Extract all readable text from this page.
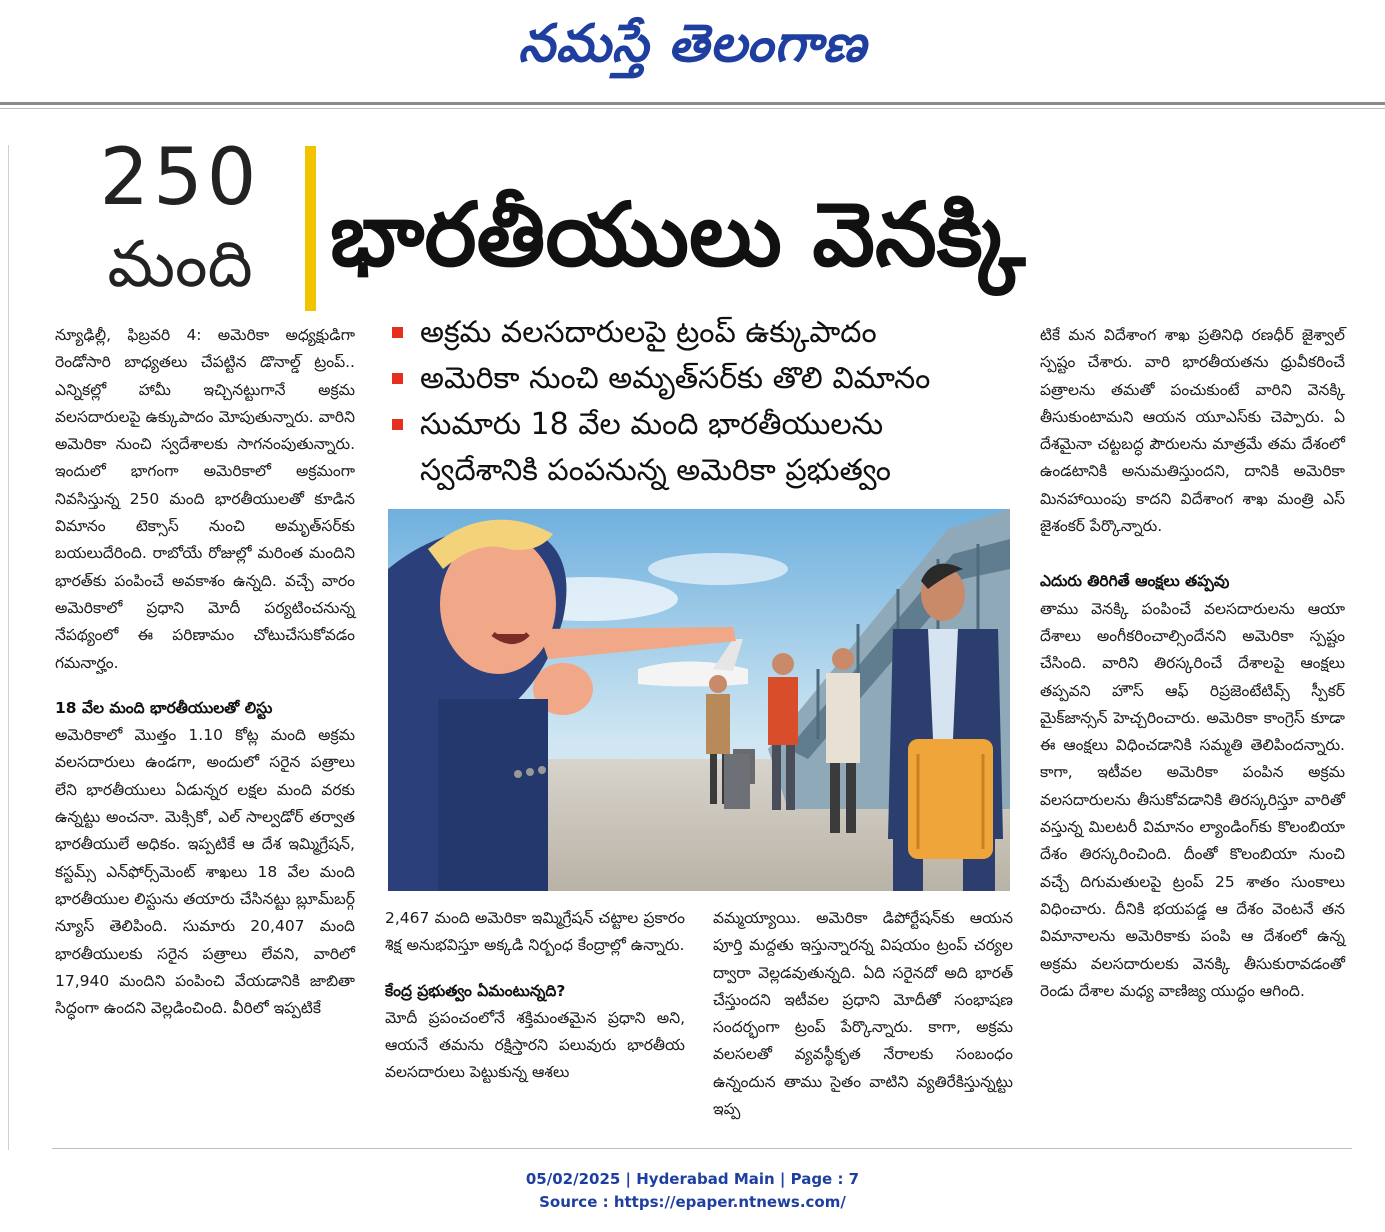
నమస్తే తెలంగాణ
250
మంది భారతీయులు వెనక్కి
అక్రమ వలసదారులపై ట్రంప్ ఉక్కుపాదం
అమెరికా నుంచి అమృత్‌సర్‌కు తొలి విమానం
సుమారు 18 వేల మంది భారతీయులను
స్వదేశానికి పంపనున్న అమెరికా ప్రభుత్వం

న్యూఢిల్లీ, ఫిబ్రవరి 4: అమెరికా అధ్యక్షుడిగా రెండోసారి బాధ్యతలు చేపట్టిన డొనాల్డ్ ట్రంప్.. ఎన్నికల్లో హామీ ఇచ్చినట్టుగానే అక్రమ వలసదారులపై ఉక్కుపాదం మోపుతున్నారు. వారిని అమెరికా నుంచి స్వదేశాలకు సాగనంపుతున్నారు. ఇందులో భాగంగా అమెరికాలో అక్రమంగా నివసిస్తున్న 250 మంది భారతీయులతో కూడిన విమానం టెక్సాస్ నుంచి అమృత్‌సర్‌కు బయలుదేరింది. రాబోయే రోజుల్లో మరింత మందిని భారత్‌కు పంపించే అవకాశం ఉన్నది. వచ్చే వారం అమెరికాలో ప్రధాని మోదీ పర్యటించనున్న నేపథ్యంలో ఈ పరిణామం చోటుచేసుకోవడం గమనార్హం.

18 వేల మంది భారతీయులతో లిస్టు

అమెరికాలో మొత్తం 1.10 కోట్ల మంది అక్రమ వలసదారులు ఉండగా, అందులో సరైన పత్రాలు లేని భారతీయులు ఏడున్నర లక్షల మంది వరకు ఉన్నట్టు అంచనా. మెక్సికో, ఎల్ సాల్వడోర్ తర్వాత భారతీయులే అధికం. ఇప్పటికే ఆ దేశ ఇమ్మిగ్రేషన్, కస్టమ్స్ ఎన్‌ఫోర్స్‌మెంట్ శాఖలు 18 వేల మంది భారతీయుల లిస్టును తయారు చేసినట్టు బ్లూమ్‌బర్గ్ న్యూస్ తెలిపింది. సుమారు 20,407 మంది భారతీయులకు సరైన పత్రాలు లేవని, వారిలో 17,940 మందిని పంపించి వేయడానికి జాబితా సిద్ధంగా ఉందని వెల్లడించింది. వీరిలో ఇప్పటికే

2,467 మంది అమెరికా ఇమ్మిగ్రేషన్ చట్టాల ప్రకారం శిక్ష అనుభవిస్తూ అక్కడి నిర్బంధ కేంద్రాల్లో ఉన్నారు.

కేంద్ర ప్రభుత్వం ఏమంటున్నది?

మోదీ ప్రపంచంలోనే శక్తిమంతమైన ప్రధాని అని, ఆయనే తమను రక్షిస్తారని పలువురు భారతీయ వలసదారులు పెట్టుకున్న ఆశలు

వమ్మయ్యాయి. అమెరికా డిపోర్టేషన్‌కు ఆయన పూర్తి మద్దతు ఇస్తున్నారన్న విషయం ట్రంప్ చర్యల ద్వారా వెల్లడవుతున్నది. ఏది సరైనదో అది భారత్ చేస్తుందని ఇటీవల ప్రధాని మోదీతో సంభాషణ సందర్భంగా ట్రంప్ పేర్కొన్నారు. కాగా, అక్రమ వలసలతో వ్యవస్థీకృత నేరాలకు సంబంధం ఉన్నందున తాము సైతం వాటిని వ్యతిరేకిస్తున్నట్టు ఇప్ప

టికే మన విదేశాంగ శాఖ ప్రతినిధి రణధీర్ జైశ్వాల్ స్పష్టం చేశారు. వారి భారతీయతను ధ్రువీకరించే పత్రాలను తమతో పంచుకుంటే వారిని వెనక్కి తీసుకుంటామని ఆయన యూఎస్‌కు చెప్పారు. ఏ దేశమైనా చట్టబద్ధ పౌరులను మాత్రమే తమ దేశంలో ఉండటానికి అనుమతిస్తుందని, దానికి అమెరికా మినహాయింపు కాదని విదేశాంగ శాఖ మంత్రి ఎస్ జైశంకర్ పేర్కొన్నారు.

ఎదురు తిరిగితే ఆంక్షలు తప్పవు

తాము వెనక్కి పంపించే వలసదారులను ఆయా దేశాలు అంగీకరించాల్సిందేనని అమెరికా స్పష్టం చేసింది. వారిని తిరస్కరించే దేశాలపై ఆంక్షలు తప్పవని హౌస్ ఆఫ్ రిప్రజెంటేటివ్స్ స్పీకర్ మైక్‌జాన్సన్ హెచ్చరించారు. అమెరికా కాంగ్రెస్ కూడా ఈ ఆంక్షలు విధించడానికి సమ్మతి తెలిపిందన్నారు. కాగా, ఇటీవల అమెరికా పంపిన అక్రమ వలసదారులను తీసుకోవడానికి తిరస్కరిస్తూ వారితో వస్తున్న మిలటరీ విమానం ల్యాండింగ్‌కు కొలంబియా దేశం తిరస్కరించింది. దీంతో కొలంబియా నుంచి వచ్చే దిగుమతులపై ట్రంప్ 25 శాతం సుంకాలు విధించారు. దీనికి భయపడ్డ ఆ దేశం వెంటనే తన విమానాలను అమెరికాకు పంపి ఆ దేశంలో ఉన్న అక్రమ వలసదారులకు వెనక్కి తీసుకురావడంతో రెండు దేశాల మధ్య వాణిజ్య యుద్ధం ఆగింది.

05/02/2025 | Hyderabad Main | Page : 7
Source : https://epaper.ntnews.com/
